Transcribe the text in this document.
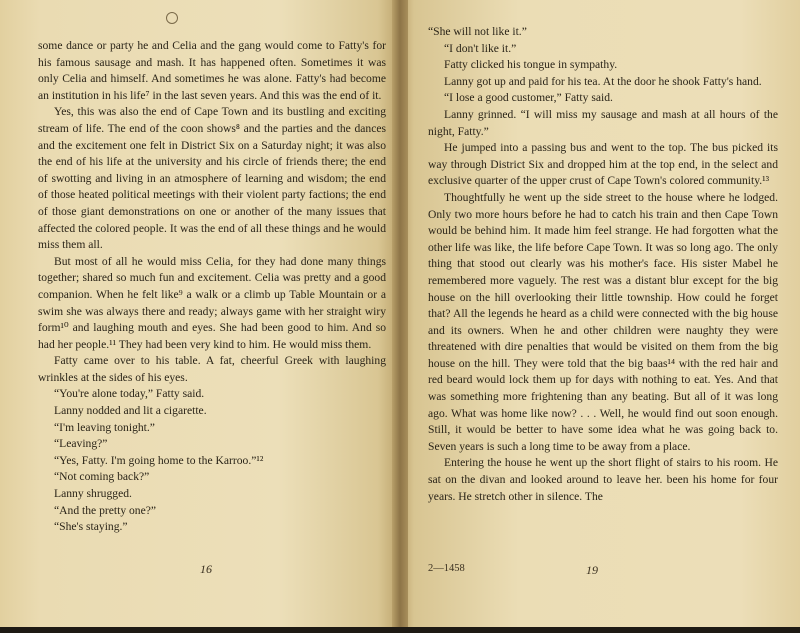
some dance or party he and Celia and the gang would come to Fatty's for his famous sausage and mash. It has happened often. Sometimes it was only Celia and himself. And sometimes he was alone. Fatty's had become an institution in his life⁷ in the last seven years. And this was the end of it.

Yes, this was also the end of Cape Town and its bustling and exciting stream of life. The end of the coon shows⁸ and the parties and the dances and the excitement one felt in District Six on a Saturday night; it was also the end of his life at the university and his circle of friends there; the end of swotting and living in an atmosphere of learning and wisdom; the end of those heated political meetings with their violent party factions; the end of those giant demonstrations on one or another of the many issues that affected the colored people. It was the end of all these things and he would miss them all.

But most of all he would miss Celia, for they had done many things together; shared so much fun and excitement. Celia was pretty and a good companion. When he felt like⁹ a walk or a climb up Table Mountain or a swim she was always there and ready; always game with her straight wiry form¹⁰ and laughing mouth and eyes. She had been good to him. And so had her people.¹¹ They had been very kind to him. He would miss them.

Fatty came over to his table. A fat, cheerful Greek with laughing wrinkles at the sides of his eyes.

“You're alone today,” Fatty said.

Lanny nodded and lit a cigarette.

“I'm leaving tonight.”

“Leaving?”

“Yes, Fatty. I'm going home to the Karroo.”¹²

“Not coming back?”

Lanny shrugged.

“And the pretty one?”

“She's staying.”

16

“She will not like it.”

“I don't like it.”

Fatty clicked his tongue in sympathy.

Lanny got up and paid for his tea. At the door he shook Fatty's hand.

“I lose a good customer,” Fatty said.

Lanny grinned. “I will miss my sausage and mash at all hours of the night, Fatty.”

He jumped into a passing bus and went to the top. The bus picked its way through District Six and dropped him at the top end, in the select and exclusive quarter of the upper crust of Cape Town's colored community.¹³

Thoughtfully he went up the side street to the house where he lodged. Only two more hours before he had to catch his train and then Cape Town would be behind him. It made him feel strange. He had forgotten what the other life was like, the life before Cape Town. It was so long ago. The only thing that stood out clearly was his mother's face. His sister Mabel he remembered more vaguely. The rest was a distant blur except for the big house on the hill overlooking their little township. How could he forget that? All the legends he heard as a child were connected with the big house and its owners. When he and other children were naughty they were threatened with dire penalties that would be visited on them from the big house on the hill. They were told that the big baas¹⁴ with the red hair and red beard would lock them up for days with nothing to eat. Yes. And that was something more frightening than any beating. But all of it was long ago. What was home like now? . . . Well, he would find out soon enough. Still, it would be better to have some idea what he was going back to. Seven years is such a long time to be away from a place.

Entering the house he went up the short flight of stairs to his room. He sat on the divan and looked around to leave her. been his home for four years. He stretch other in silence. The

2—1458	19
